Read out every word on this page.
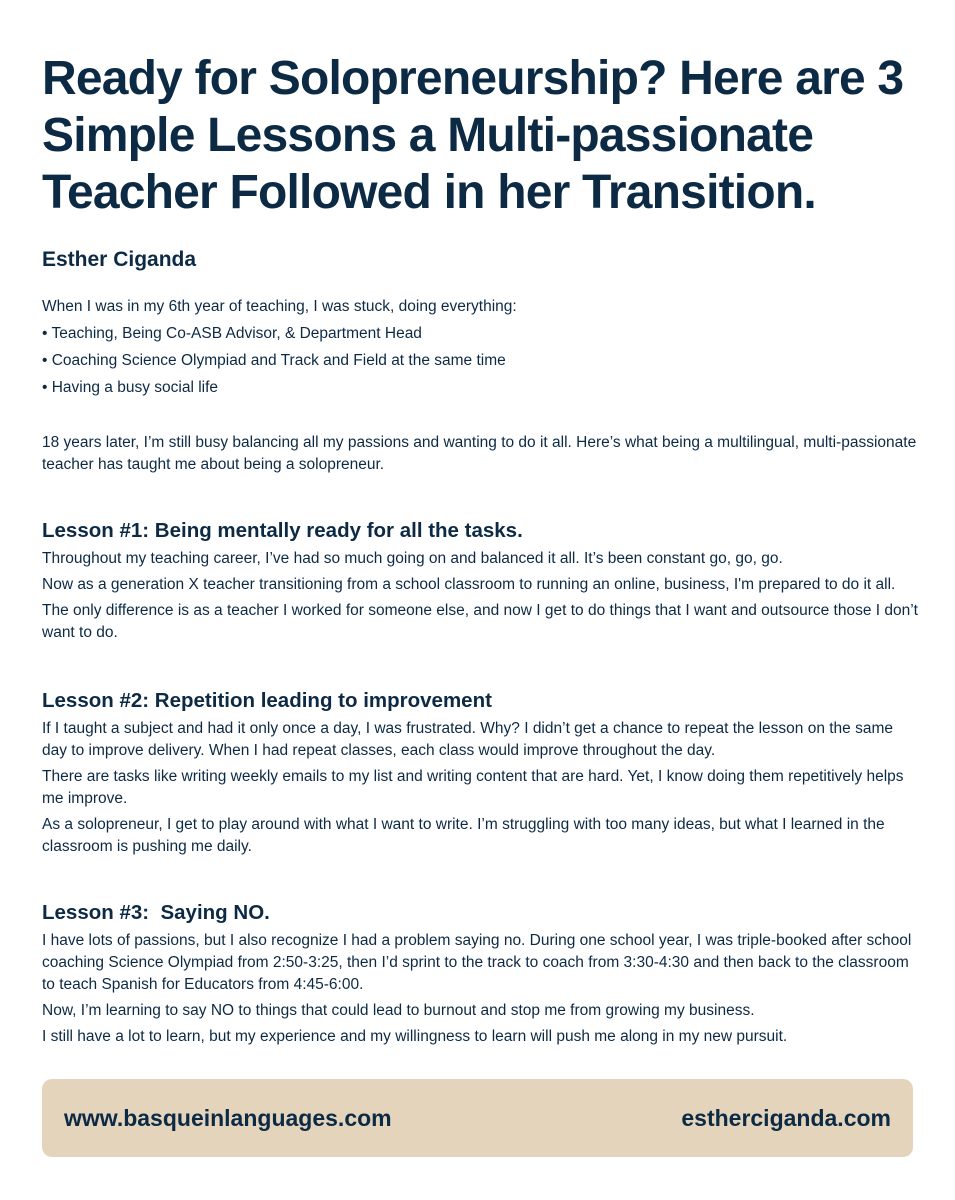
Ready for Solopreneurship? Here are 3
Simple Lessons a Multi-passionate
Teacher Followed in her Transition.

Esther Ciganda

When I was in my 6th year of teaching, I was stuck, doing everything:

• Teaching, Being Co-ASB Advisor, & Department Head

• Coaching Science Olympiad and Track and Field at the same time

• Having a busy social life

18 years later, I’m still busy balancing all my passions and wanting to do it all. Here’s what being a multilingual, multi-passionate teacher has taught me about being a solopreneur.

Lesson #1: Being mentally ready for all the tasks.

Throughout my teaching career, I’ve had so much going on and balanced it all. It’s been constant go, go, go.

Now as a generation X teacher transitioning from a school classroom to running an online, business, I'm prepared to do it all.

The only difference is as a teacher I worked for someone else, and now I get to do things that I want and outsource those I don’t want to do.

Lesson #2: Repetition leading to improvement

If I taught a subject and had it only once a day, I was frustrated. Why? I didn’t get a chance to repeat the lesson on the same day to improve delivery. When I had repeat classes, each class would improve throughout the day.

There are tasks like writing weekly emails to my list and writing content that are hard. Yet, I know doing them repetitively helps me improve.

As a solopreneur, I get to play around with what I want to write. I’m struggling with too many ideas, but what I learned in the classroom is pushing me daily.

Lesson #3:  Saying NO.

I have lots of passions, but I also recognize I had a problem saying no. During one school year, I was triple-booked after school coaching Science Olympiad from 2:50-3:25, then I’d sprint to the track to coach from 3:30-4:30 and then back to the classroom to teach Spanish for Educators from 4:45-6:00.

Now, I’m learning to say NO to things that could lead to burnout and stop me from growing my business.

I still have a lot to learn, but my experience and my willingness to learn will push me along in my new pursuit.

www.basqueinlanguages.com	estherciganda.com
